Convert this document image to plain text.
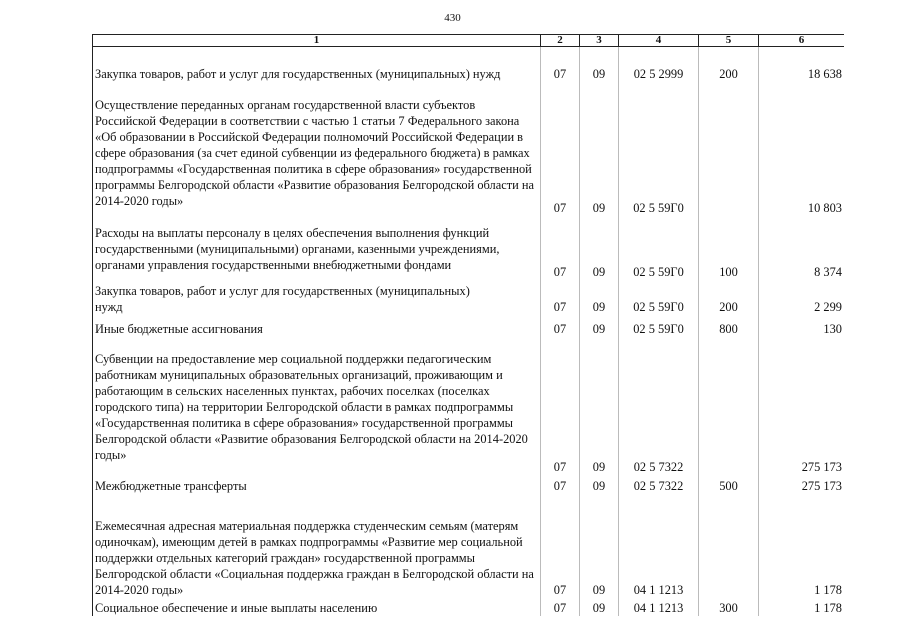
430
1	2	3	4	5	6
Закупка товаров, работ и услуг для государственных (муниципальных) нужд	07	09	02 5 2999	200	18 638
Осуществление переданных органам государственной власти субъектов Российской Федерации в соответствии с частью 1 статьи 7 Федерального закона «Об образовании в Российской Федерации полномочий Российской Федерации в сфере образования (за счет единой субвенции из федерального бюджета) в рамках подпрограммы «Государственная политика в сфере образования» государственной программы Белгородской области «Развитие образования Белгородской области на 2014-2020 годы»	07	09	02 5 59Г0		10 803
Расходы на выплаты персоналу в целях обеспечения выполнения функций государственными (муниципальными) органами, казенными учреждениями, органами управления государственными внебюджетными фондами	07	09	02 5 59Г0	100	8 374
Закупка товаров, работ и услуг для государственных (муниципальных) нужд	07	09	02 5 59Г0	200	2 299
Иные бюджетные ассигнования	07	09	02 5 59Г0	800	130
Субвенции на предоставление мер социальной поддержки педагогическим работникам муниципальных образовательных организаций, проживающим и работающим в сельских населенных пунктах, рабочих поселках (поселках городского типа) на территории Белгородской области в рамках подпрограммы «Государственная политика в сфере образования» государственной программы Белгородской области «Развитие образования Белгородской области на 2014-2020 годы»	07	09	02 5 7322		275 173
Межбюджетные трансферты	07	09	02 5 7322	500	275 173
Ежемесячная адресная материальная поддержка студенческим семьям (матерям одиночкам), имеющим детей в рамках подпрограммы «Развитие мер социальной поддержки отдельных категорий граждан» государственной программы Белгородской области «Социальная поддержка граждан в Белгородской области на 2014-2020 годы»	07	09	04 1 1213		1 178
Социальное обеспечение и иные выплаты населению	07	09	04 1 1213	300	1 178
